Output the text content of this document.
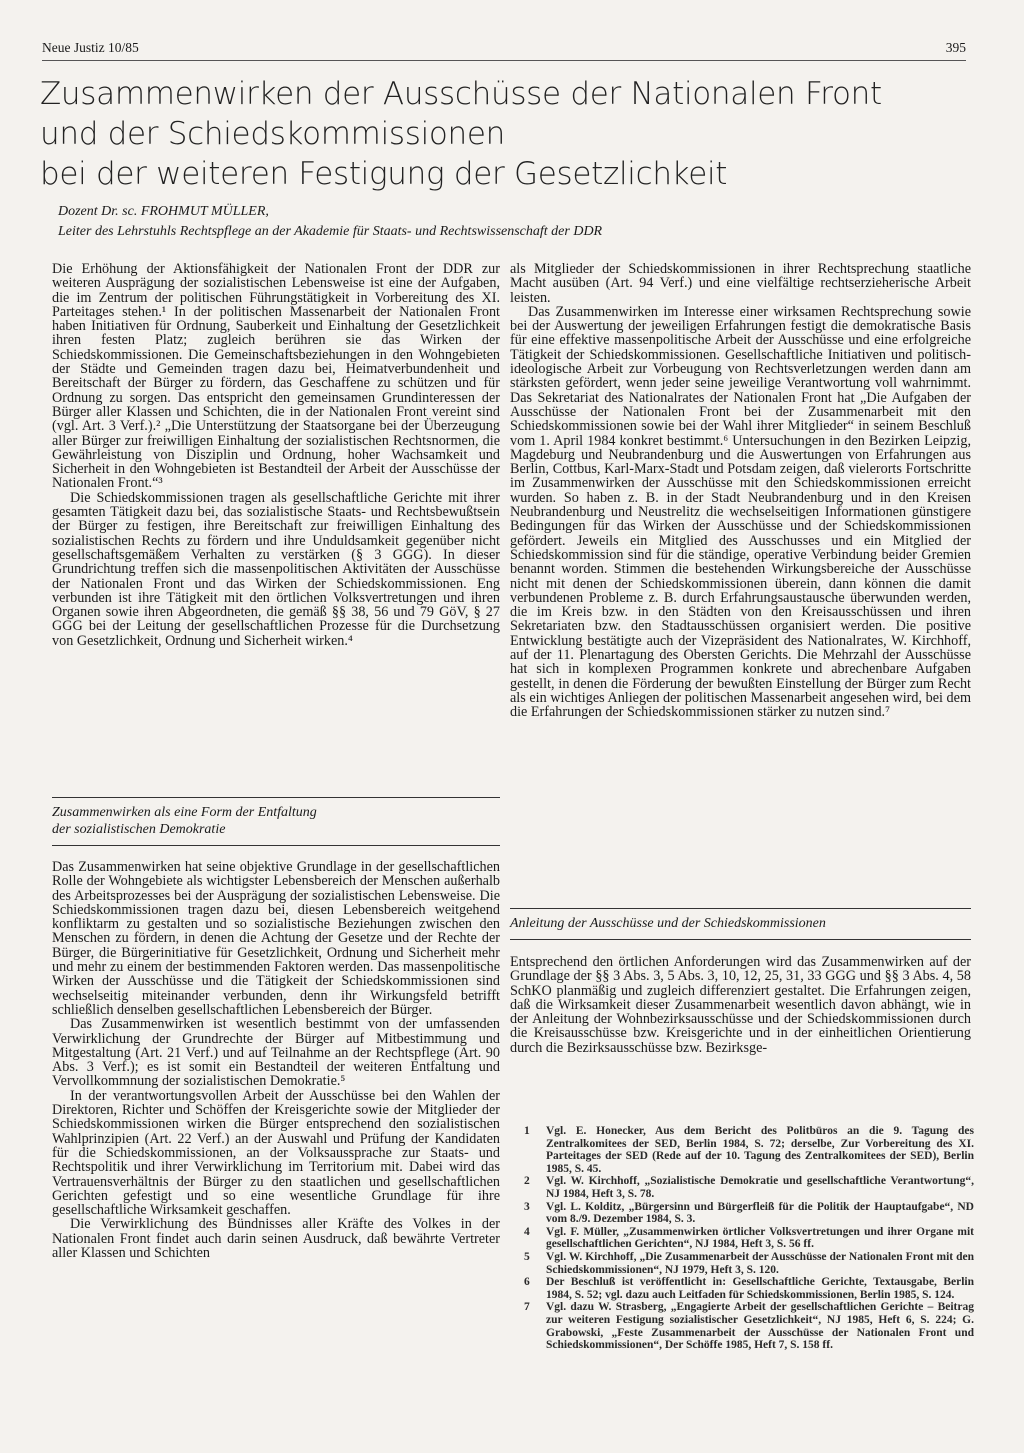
Neue Justiz 10/85	395
Zusammenwirken der Ausschüsse der Nationalen Front
und der Schiedskommissionen
bei der weiteren Festigung der Gesetzlichkeit
Dozent Dr. sc. FROHMUT MÜLLER,
Leiter des Lehrstuhls Rechtspflege an der Akademie für Staats- und Rechtswissenschaft der DDR

Die Erhöhung der Aktionsfähigkeit der Nationalen Front der DDR zur weiteren Ausprägung der sozialistischen Lebensweise ist eine der Aufgaben, die im Zentrum der politischen Führungstätigkeit in Vorbereitung des XI. Parteitages stehen.¹ In der politischen Massenarbeit der Nationalen Front haben Initiativen für Ordnung, Sauberkeit und Einhaltung der Gesetzlichkeit ihren festen Platz; zugleich berühren sie das Wirken der Schiedskommissionen. Die Gemeinschaftsbeziehungen in den Wohngebieten der Städte und Gemeinden tragen dazu bei, Heimatverbundenheit und Bereitschaft der Bürger zu fördern, das Geschaffene zu schützen und für Ordnung zu sorgen. Das entspricht den gemeinsamen Grundinteressen der Bürger aller Klassen und Schichten, die in der Nationalen Front vereint sind (vgl. Art. 3 Verf.).² „Die Unterstützung der Staatsorgane bei der Überzeugung aller Bürger zur freiwilligen Einhaltung der sozialistischen Rechtsnormen, die Gewährleistung von Disziplin und Ordnung, hoher Wachsamkeit und Sicherheit in den Wohngebieten ist Bestandteil der Arbeit der Ausschüsse der Nationalen Front.“³

Die Schiedskommissionen tragen als gesellschaftliche Gerichte mit ihrer gesamten Tätigkeit dazu bei, das sozialistische Staats- und Rechtsbewußtsein der Bürger zu festigen, ihre Bereitschaft zur freiwilligen Einhaltung des sozialistischen Rechts zu fördern und ihre Unduldsamkeit gegenüber nicht gesellschaftsgemäßem Verhalten zu verstärken (§ 3 GGG). In dieser Grundrichtung treffen sich die massenpolitischen Aktivitäten der Ausschüsse der Nationalen Front und das Wirken der Schiedskommissionen. Eng verbunden ist ihre Tätigkeit mit den örtlichen Volksvertretungen und ihren Organen sowie ihren Abgeordneten, die gemäß §§ 38, 56 und 79 GöV, § 27 GGG bei der Leitung der gesellschaftlichen Prozesse für die Durchsetzung von Gesetzlichkeit, Ordnung und Sicherheit wirken.⁴

Zusammenwirken als eine Form der Entfaltung
der sozialistischen Demokratie

Das Zusammenwirken hat seine objektive Grundlage in der gesellschaftlichen Rolle der Wohngebiete als wichtigster Lebensbereich der Menschen außerhalb des Arbeitsprozesses bei der Ausprägung der sozialistischen Lebensweise. Die Schiedskommissionen tragen dazu bei, diesen Lebensbereich weitgehend konfliktarm zu gestalten und so sozialistische Beziehungen zwischen den Menschen zu fördern, in denen die Achtung der Gesetze und der Rechte der Bürger, die Bürgerinitiative für Gesetzlichkeit, Ordnung und Sicherheit mehr und mehr zu einem der bestimmenden Faktoren werden. Das massenpolitische Wirken der Ausschüsse und die Tätigkeit der Schiedskommissionen sind wechselseitig miteinander verbunden, denn ihr Wirkungsfeld betrifft schließlich denselben gesellschaftlichen Lebensbereich der Bürger.

Das Zusammenwirken ist wesentlich bestimmt von der umfassenden Verwirklichung der Grundrechte der Bürger auf Mitbestimmung und Mitgestaltung (Art. 21 Verf.) und auf Teilnahme an der Rechtspflege (Art. 90 Abs. 3 Verf.); es ist somit ein Bestandteil der weiteren Entfaltung und Vervollkommnung der sozialistischen Demokratie.⁵

In der verantwortungsvollen Arbeit der Ausschüsse bei den Wahlen der Direktoren, Richter und Schöffen der Kreisgerichte sowie der Mitglieder der Schiedskommissionen wirken die Bürger entsprechend den sozialistischen Wahlprinzipien (Art. 22 Verf.) an der Auswahl und Prüfung der Kandidaten für die Schiedskommissionen, an der Volksaussprache zur Staats- und Rechtspolitik und ihrer Verwirklichung im Territorium mit. Dabei wird das Vertrauensverhältnis der Bürger zu den staatlichen und gesellschaftlichen Gerichten gefestigt und so eine wesentliche Grundlage für ihre gesellschaftliche Wirksamkeit geschaffen.

Die Verwirklichung des Bündnisses aller Kräfte des Volkes in der Nationalen Front findet auch darin seinen Ausdruck, daß bewährte Vertreter aller Klassen und Schichten

als Mitglieder der Schiedskommissionen in ihrer Rechtsprechung staatliche Macht ausüben (Art. 94 Verf.) und eine vielfältige rechtserzieherische Arbeit leisten.

Das Zusammenwirken im Interesse einer wirksamen Rechtsprechung sowie bei der Auswertung der jeweiligen Erfahrungen festigt die demokratische Basis für eine effektive massenpolitische Arbeit der Ausschüsse und eine erfolgreiche Tätigkeit der Schiedskommissionen. Gesellschaftliche Initiativen und politisch-ideologische Arbeit zur Vorbeugung von Rechtsverletzungen werden dann am stärksten gefördert, wenn jeder seine jeweilige Verantwortung voll wahrnimmt. Das Sekretariat des Nationalrates der Nationalen Front hat „Die Aufgaben der Ausschüsse der Nationalen Front bei der Zusammenarbeit mit den Schiedskommissionen sowie bei der Wahl ihrer Mitglieder“ in seinem Beschluß vom 1. April 1984 konkret bestimmt.⁶ Untersuchungen in den Bezirken Leipzig, Magdeburg und Neubrandenburg und die Auswertungen von Erfahrungen aus Berlin, Cottbus, Karl-Marx-Stadt und Potsdam zeigen, daß vielerorts Fortschritte im Zusammenwirken der Ausschüsse mit den Schiedskommissionen erreicht wurden. So haben z. B. in der Stadt Neubrandenburg und in den Kreisen Neubrandenburg und Neustrelitz die wechselseitigen Informationen günstigere Bedingungen für das Wirken der Ausschüsse und der Schiedskommissionen gefördert. Jeweils ein Mitglied des Ausschusses und ein Mitglied der Schiedskommission sind für die ständige, operative Verbindung beider Gremien benannt worden. Stimmen die bestehenden Wirkungsbereiche der Ausschüsse nicht mit denen der Schiedskommissionen überein, dann können die damit verbundenen Probleme z. B. durch Erfahrungsaustausche überwunden werden, die im Kreis bzw. in den Städten von den Kreisausschüssen und ihren Sekretariaten bzw. den Stadtausschüssen organisiert werden. Die positive Entwicklung bestätigte auch der Vizepräsident des Nationalrates, W. Kirchhoff, auf der 11. Plenartagung des Obersten Gerichts. Die Mehrzahl der Ausschüsse hat sich in komplexen Programmen konkrete und abrechenbare Aufgaben gestellt, in denen die Förderung der bewußten Einstellung der Bürger zum Recht als ein wichtiges Anliegen der politischen Massenarbeit angesehen wird, bei dem die Erfahrungen der Schiedskommissionen stärker zu nutzen sind.⁷

Anleitung der Ausschüsse und der Schiedskommissionen

Entsprechend den örtlichen Anforderungen wird das Zusammenwirken auf der Grundlage der §§ 3 Abs. 3, 5 Abs. 3, 10, 12, 25, 31, 33 GGG und §§ 3 Abs. 4, 58 SchKO planmäßig und zugleich differenziert gestaltet. Die Erfahrungen zeigen, daß die Wirksamkeit dieser Zusammenarbeit wesentlich davon abhängt, wie in der Anleitung der Wohnbezirksausschüsse und der Schiedskommissionen durch die Kreisausschüsse bzw. Kreisgerichte und in der einheitlichen Orientierung durch die Bezirksausschüsse bzw. Bezirksge-

1	Vgl. E. Honecker, Aus dem Bericht des Politbüros an die 9. Tagung des Zentralkomitees der SED, Berlin 1984, S. 72; derselbe, Zur Vorbereitung des XI. Parteitages der SED (Rede auf der 10. Tagung des Zentralkomitees der SED), Berlin 1985, S. 45.
2	Vgl. W. Kirchhoff, „Sozialistische Demokratie und gesellschaftliche Verantwortung“, NJ 1984, Heft 3, S. 78.
3	Vgl. L. Kolditz, „Bürgersinn und Bürgerfleiß für die Politik der Hauptaufgabe“, ND vom 8./9. Dezember 1984, S. 3.
4	Vgl. F. Müller, „Zusammenwirken örtlicher Volksvertretungen und ihrer Organe mit gesellschaftlichen Gerichten“, NJ 1984, Heft 3, S. 56 ff.
5	Vgl. W. Kirchhoff, „Die Zusammenarbeit der Ausschüsse der Nationalen Front mit den Schiedskommissionen“, NJ 1979, Heft 3, S. 120.
6	Der Beschluß ist veröffentlicht in: Gesellschaftliche Gerichte, Textausgabe, Berlin 1984, S. 52; vgl. dazu auch Leitfaden für Schiedskommissionen, Berlin 1985, S. 124.
7	Vgl. dazu W. Strasberg, „Engagierte Arbeit der gesellschaftlichen Gerichte – Beitrag zur weiteren Festigung sozialistischer Gesetzlichkeit“, NJ 1985, Heft 6, S. 224; G. Grabowski, „Feste Zusammenarbeit der Ausschüsse der Nationalen Front und Schiedskommissionen“, Der Schöffe 1985, Heft 7, S. 158 ff.
